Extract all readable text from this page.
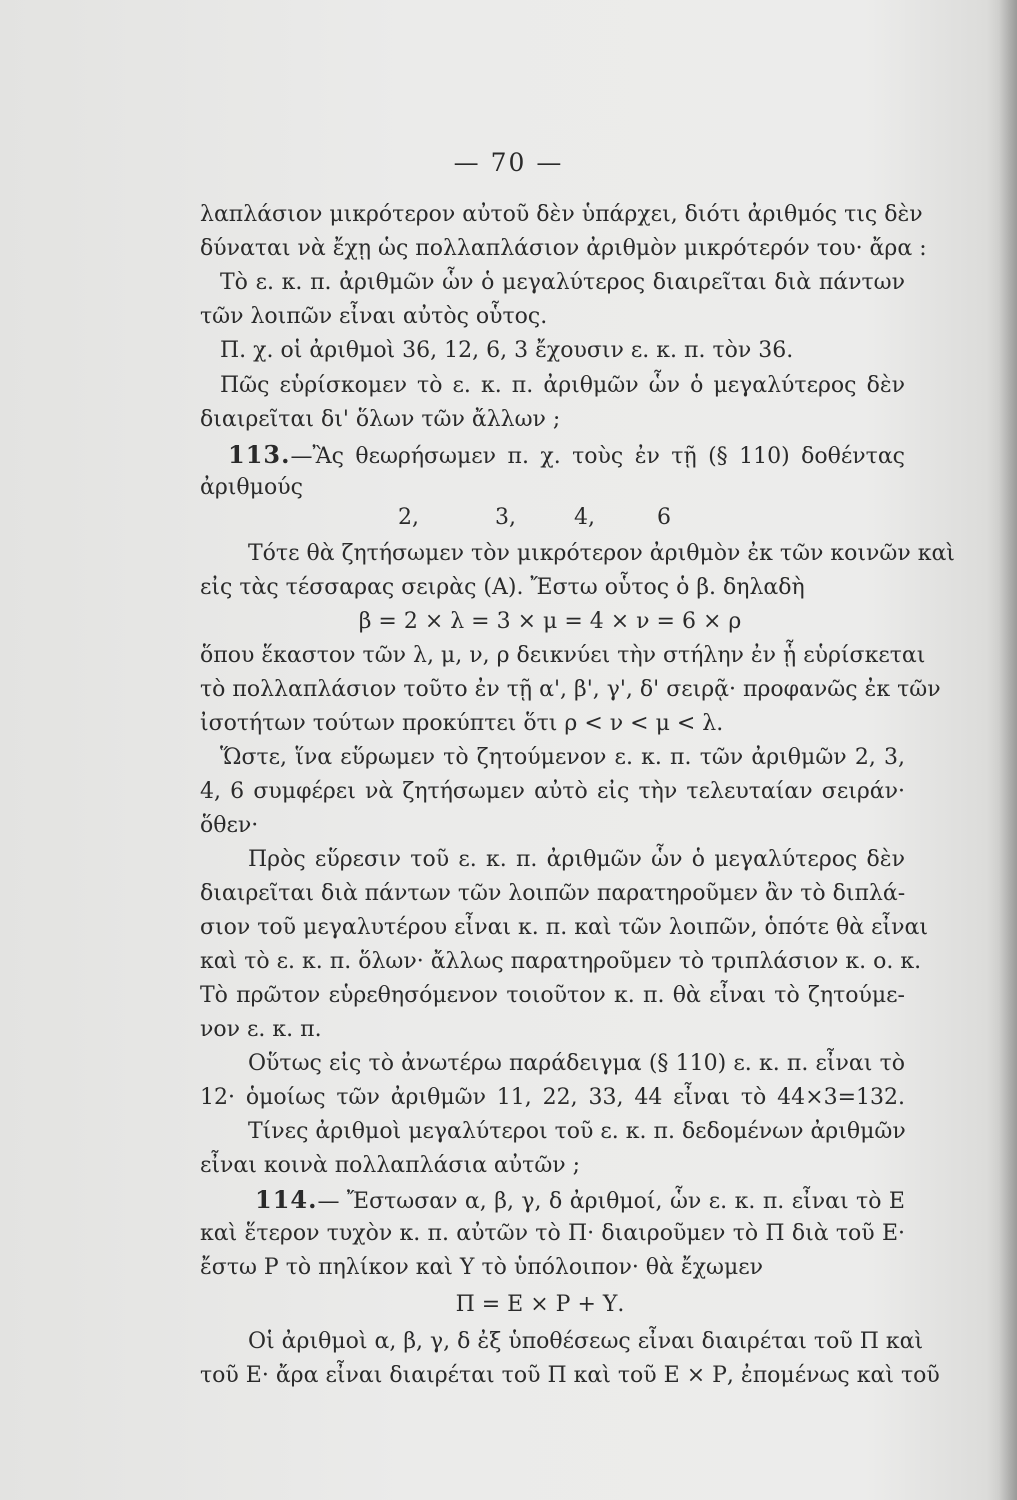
— 70 —
λαπλάσιον μικρότερον αὐτοῦ δὲν ὑπάρχει, διότι ἀριθμός τις δὲν
δύναται νὰ ἔχῃ ὡς πολλαπλάσιον ἀριθμὸν μικρότερόν του· ἄρα :
Τὸ ε. κ. π. ἀριθμῶν ὧν ὁ μεγαλύτερος διαιρεῖται διὰ πάντων
τῶν λοιπῶν εἶναι αὐτὸς οὗτος.
Π. χ. οἱ ἀριθμοὶ 36, 12, 6, 3 ἔχουσιν ε. κ. π. τὸν 36.
Πῶς εὑρίσκομεν τὸ ε. κ. π. ἀριθμῶν ὧν ὁ μεγαλύτερος δὲν
διαιρεῖται δι' ὅλων τῶν ἄλλων ;
113.—Ἂς θεωρήσωμεν π. χ. τοὺς ἐν τῇ (§ 110) δοθέντας
ἀριθμούς
2,	3,	4,	6
Τότε θὰ ζητήσωμεν τὸν μικρότερον ἀριθμὸν ἐκ τῶν κοινῶν καὶ
εἰς τὰς τέσσαρας σειρὰς (Α). Ἔστω οὗτος ὁ β. δηλαδὴ
β = 2 × λ = 3 × μ = 4 × ν = 6 × ρ
ὅπου ἕκαστον τῶν λ, μ, ν, ρ δεικνύει τὴν στήλην ἐν ᾗ εὑρίσκεται
τὸ πολλαπλάσιον τοῦτο ἐν τῇ α', β', γ', δ' σειρᾷ· προφανῶς ἐκ τῶν
ἰσοτήτων τούτων προκύπτει ὅτι ρ < ν < μ < λ.
Ὥστε, ἵνα εὕρωμεν τὸ ζητούμενον ε. κ. π. τῶν ἀριθμῶν 2, 3,
4, 6 συμφέρει νὰ ζητήσωμεν αὐτὸ εἰς τὴν τελευταίαν σειράν·
ὅθεν·
Πρὸς εὕρεσιν τοῦ ε. κ. π. ἀριθμῶν ὧν ὁ μεγαλύτερος δὲν
διαιρεῖται διὰ πάντων τῶν λοιπῶν παρατηροῦμεν ἂν τὸ διπλά-
σιον τοῦ μεγαλυτέρου εἶναι κ. π. καὶ τῶν λοιπῶν, ὁπότε θὰ εἶναι
καὶ τὸ ε. κ. π. ὅλων· ἄλλως παρατηροῦμεν τὸ τριπλάσιον κ. ο. κ.
Τὸ πρῶτον εὑρεθησόμενον τοιοῦτον κ. π. θὰ εἶναι τὸ ζητούμε-
νον ε. κ. π.
Οὕτως εἰς τὸ ἀνωτέρω παράδειγμα (§ 110) ε. κ. π. εἶναι τὸ
12· ὁμοίως τῶν ἀριθμῶν 11, 22, 33, 44 εἶναι τὸ 44×3=132.
Τίνες ἀριθμοὶ μεγαλύτεροι τοῦ ε. κ. π. δεδομένων ἀριθμῶν
εἶναι κοινὰ πολλαπλάσια αὐτῶν ;
114.— Ἔστωσαν α, β, γ, δ ἀριθμοί, ὧν ε. κ. π. εἶναι τὸ Ε
καὶ ἕτερον τυχὸν κ. π. αὐτῶν τὸ Π· διαιροῦμεν τὸ Π διὰ τοῦ Ε·
ἔστω Ρ τὸ πηλίκον καὶ Υ τὸ ὑπόλοιπον· θὰ ἔχωμεν
Π = Ε × Ρ + Υ.
Οἱ ἀριθμοὶ α, β, γ, δ ἐξ ὑποθέσεως εἶναι διαιρέται τοῦ Π καὶ
τοῦ Ε· ἄρα εἶναι διαιρέται τοῦ Π καὶ τοῦ Ε × Ρ, ἐπομένως καὶ τοῦ
